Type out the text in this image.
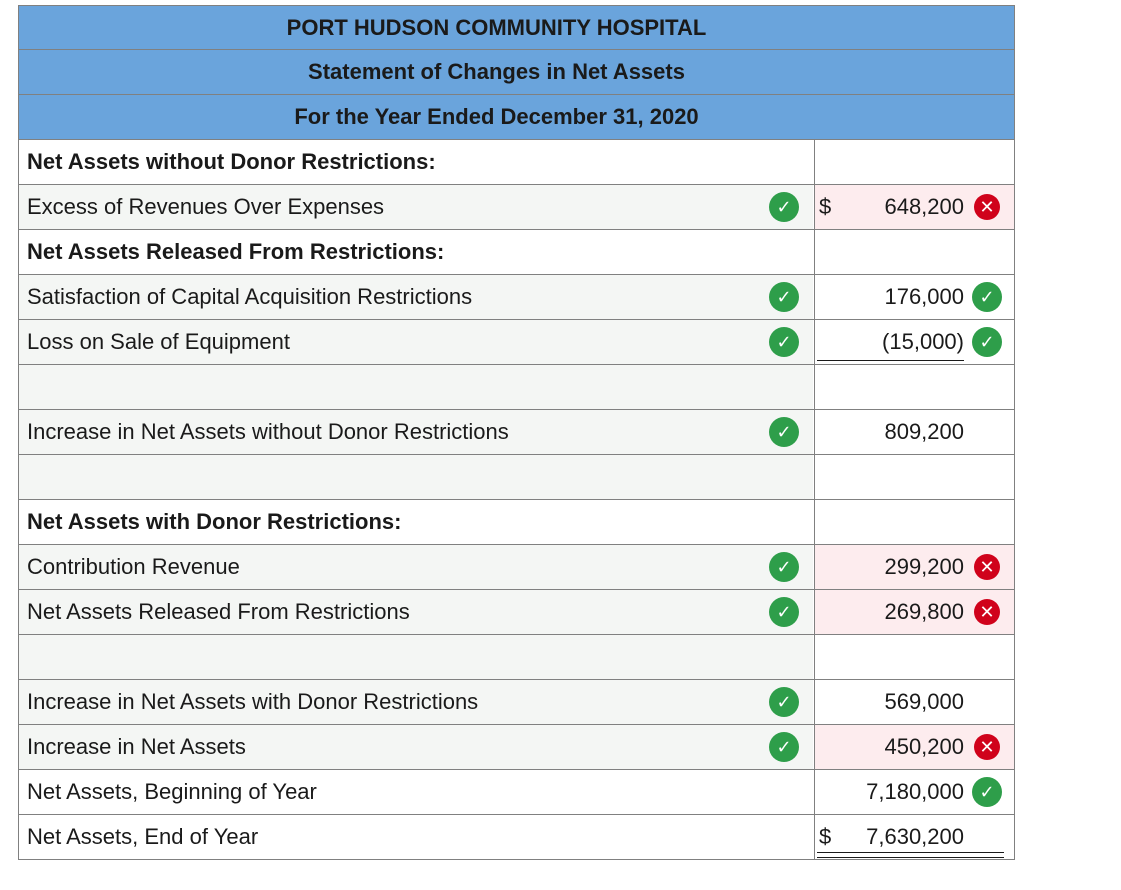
PORT HUDSON COMMUNITY HOSPITAL
Statement of Changes in Net Assets
For the Year Ended December 31, 2020
Net Assets without Donor Restrictions:
Excess of Revenues Over Expenses	✓	$ 648,200 ✕
Net Assets Released From Restrictions:
Satisfaction of Capital Acquisition Restrictions	✓	176,000 ✓
Loss on Sale of Equipment	✓	(15,000) ✓
Increase in Net Assets without Donor Restrictions	✓	809,200
Net Assets with Donor Restrictions:
Contribution Revenue	✓	299,200 ✕
Net Assets Released From Restrictions	✓	269,800 ✕
Increase in Net Assets with Donor Restrictions	✓	569,000
Increase in Net Assets	✓	450,200 ✕
Net Assets, Beginning of Year	7,180,000 ✓
Net Assets, End of Year	$ 7,630,200
